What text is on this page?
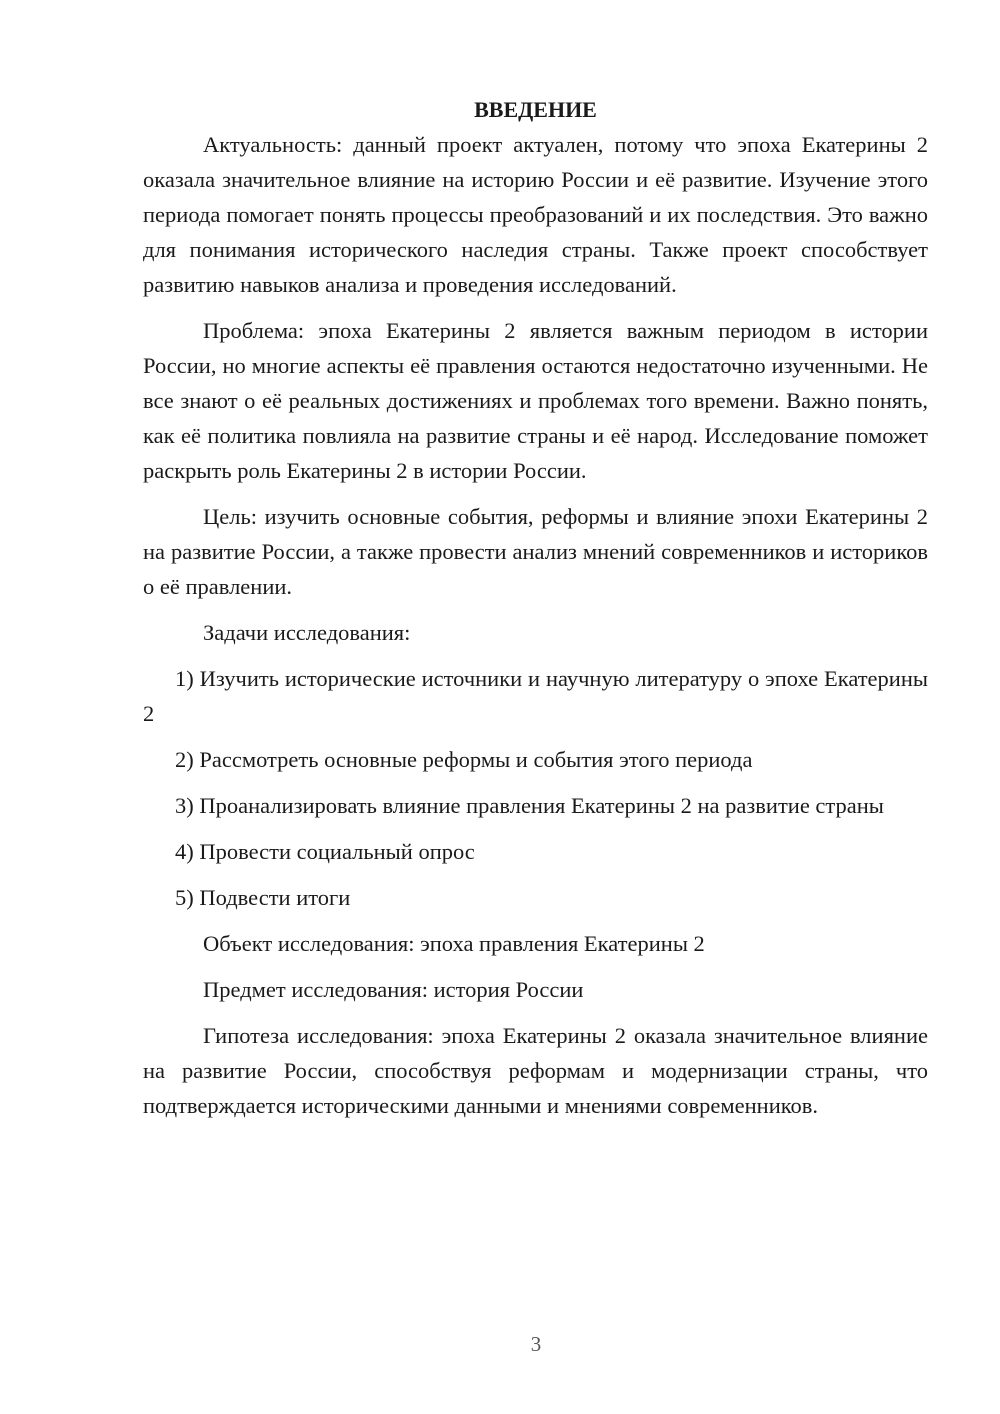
ВВЕДЕНИЕ

Актуальность: данный проект актуален, потому что эпоха Екатерины 2 оказала значительное влияние на историю России и её развитие. Изучение этого периода помогает понять процессы преобразований и их последствия. Это важно для понимания исторического наследия страны. Также проект способствует развитию навыков анализа и проведения исследований.

Проблема: эпоха Екатерины 2 является важным периодом в истории России, но многие аспекты её правления остаются недостаточно изученными. Не все знают о её реальных достижениях и проблемах того времени. Важно понять, как её политика повлияла на развитие страны и её народ. Исследование поможет раскрыть роль Екатерины 2 в истории России.

Цель: изучить основные события, реформы и влияние эпохи Екатерины 2 на развитие России, а также провести анализ мнений современников и историков о её правлении.

Задачи исследования:

1) Изучить исторические источники и научную литературу о эпохе Екатерины 2

2) Рассмотреть основные реформы и события этого периода

3) Проанализировать влияние правления Екатерины 2 на развитие страны

4) Провести социальный опрос

5) Подвести итоги

Объект исследования: эпоха правления Екатерины 2

Предмет исследования: история России

Гипотеза исследования: эпоха Екатерины 2 оказала значительное влияние на развитие России, способствуя реформам и модернизации страны, что подтверждается историческими данными и мнениями современников.

3
